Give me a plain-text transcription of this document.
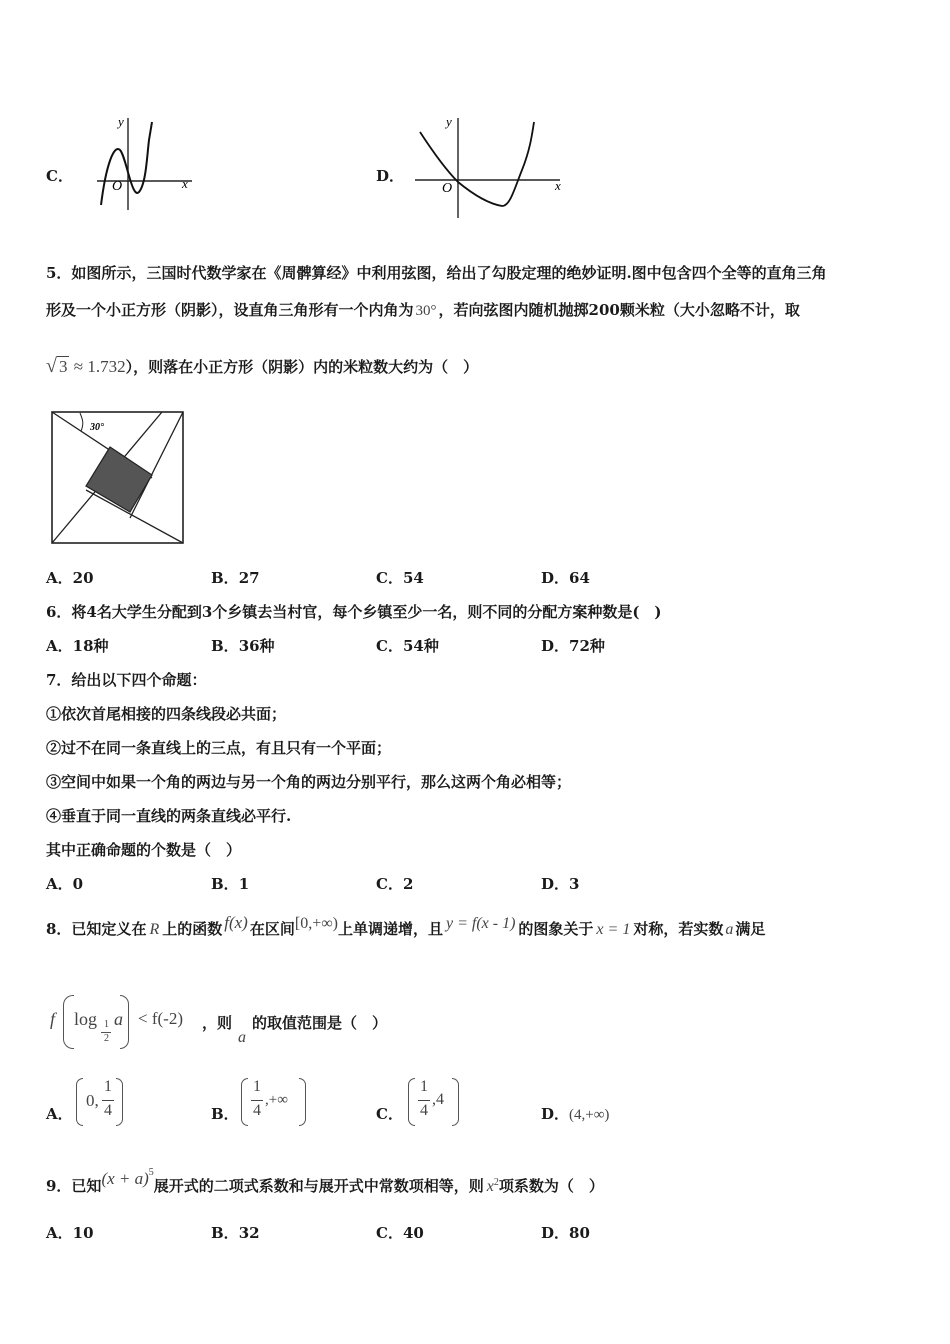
C．
y
x
O
D．
y
x
O
5．如图所示，三国时代数学家在《周髀算经》中利用弦图，给出了勾股定理的绝妙证明.图中包含四个全等的直角三角
形及一个小正方形（阴影），设直角三角形有一个内角为 30° ，若向弦图内随机抛掷200颗米粒（大小忽略不计，取
√ 3 ≈ 1.732），则落在小正方形（阴影）内的米粒数大约为（　）
30°
A．20	B．27	C．54	D．64
6．将4名大学生分配到3个乡镇去当村官，每个乡镇至少一名，则不同的分配方案种数是(　)
A．18种	B．36种	C．54种	D．72种
7．给出以下四个命题：
①依次首尾相接的四条线段必共面；
②过不在同一条直线上的三点，有且只有一个平面；
③空间中如果一个角的两边与另一个角的两边分别平行，那么这两个角必相等；
④垂直于同一直线的两条直线必平行.
其中正确命题的个数是（　）
A．0	B．1	C．2	D．3
8．已知定义在 R 上的函数 f(x) 在区间[0,+∞)上单调递增，且 y = f(x - 1) 的图象关于 x = 1 对称，若实数 a 满足
f log 1
2
a < f(-2) ，则
a
的取值范围是（　）
A．
0,
1
4	B．
1
4
,+∞
C．
1
4
,4
D．(4,+∞)
9．已知$(x + a)^5$展开式的二项式系数和与展开式中常数项相等，则 $x^2$项系数为（　）
A．10	B．32	C．40	D．80
